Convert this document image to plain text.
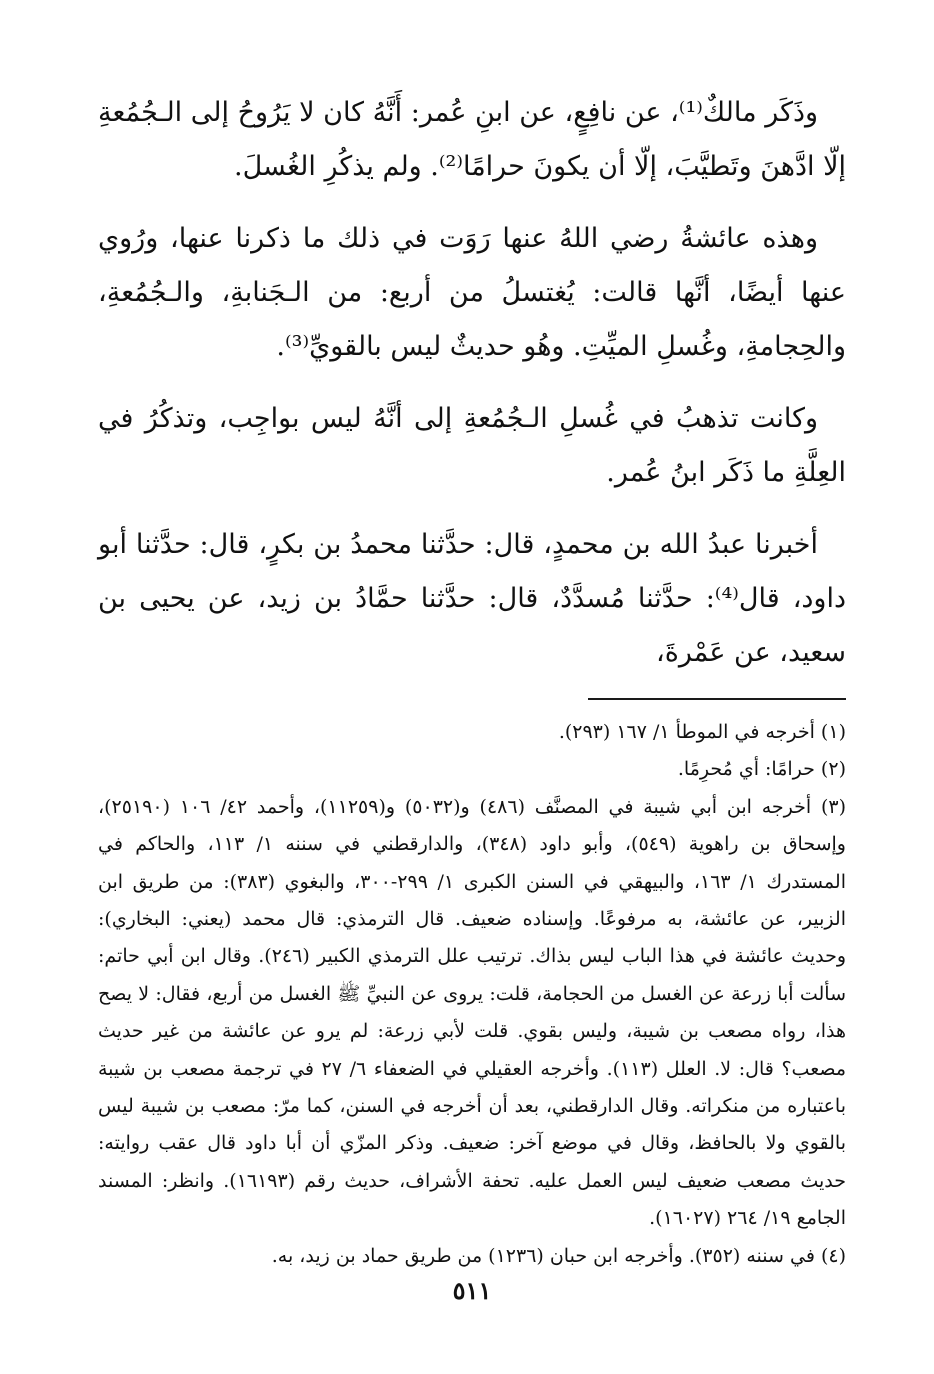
وذَكَر مالكٌ⁽¹⁾، عن نافِعٍ، عن ابنِ عُمر: أَنَّهُ كان لا يَرُوحُ إلى الـجُمُعةِ إلّا ادَّهنَ وتَطيَّبَ، إلّا أن يكونَ حرامًا⁽²⁾. ولم يذكُرِ الغُسلَ.

وهذه عائشةُ رضي اللهُ عنها رَوَت في ذلك ما ذكرنا عنها، ورُوي عنها أيضًا، أنَّها قالت: يُغتسلُ من أربع: من الـجَنابةِ، والـجُمُعةِ، والحِجامةِ، وغُسلِ الميِّتِ. وهُو حديثٌ ليس بالقويِّ⁽³⁾.

وكانت تذهبُ في غُسلِ الـجُمُعةِ إلى أنَّهُ ليس بواجِب، وتذكُرُ في العِلَّةِ ما ذَكَر ابنُ عُمر.

أخبرنا عبدُ الله بن محمدٍ، قال: حدَّثنا محمدُ بن بكرٍ، قال: حدَّثنا أبو داود، قال⁽⁴⁾: حدَّثنا مُسدَّدٌ، قال: حدَّثنا حمَّادُ بن زيد، عن يحيى بن سعيد، عن عَمْرةَ،

(١) أخرجه في الموطأ ١/ ١٦٧ (٢٩٣).

(٢) حرامًا: أي مُحرِمًا.

(٣) أخرجه ابن أبي شيبة في المصنَّف (٤٨٦) و(٥٠٣٢) و(١١٢٥٩)، وأحمد ٤٢/ ١٠٦ (٢٥١٩٠)، وإسحاق بن راهوية (٥٤٩)، وأبو داود (٣٤٨)، والدارقطني في سننه ١/ ١١٣، والحاكم في المستدرك ١/ ١٦٣، والبيهقي في السنن الكبرى ١/ ٢٩٩-٣٠٠، والبغوي (٣٨٣): من طريق ابن الزبير، عن عائشة، به مرفوعًا. وإسناده ضعيف. قال الترمذي: قال محمد (يعني: البخاري): وحديث عائشة في هذا الباب ليس بذاك. ترتيب علل الترمذي الكبير (٢٤٦). وقال ابن أبي حاتم: سألت أبا زرعة عن الغسل من الحجامة، قلت: يروى عن النبيِّ ﷺ الغسل من أربع، فقال: لا يصح هذا، رواه مصعب بن شيبة، وليس بقوي. قلت لأبي زرعة: لم يرو عن عائشة من غير حديث مصعب؟ قال: لا. العلل (١١٣). وأخرجه العقيلي في الضعفاء ٦/ ٢٧ في ترجمة مصعب بن شيبة باعتباره من منكراته. وقال الدارقطني، بعد أن أخرجه في السنن، كما مرّ: مصعب بن شيبة ليس بالقوي ولا بالحافظ، وقال في موضع آخر: ضعيف. وذكر المزّي أن أبا داود قال عقب روايته: حديث مصعب ضعيف ليس العمل عليه. تحفة الأشراف، حديث رقم (١٦١٩٣). وانظر: المسند الجامع ١٩/ ٢٦٤ (١٦٠٢٧).

(٤) في سننه (٣٥٢). وأخرجه ابن حبان (١٢٣٦) من طريق حماد بن زيد، به.

٥١١
